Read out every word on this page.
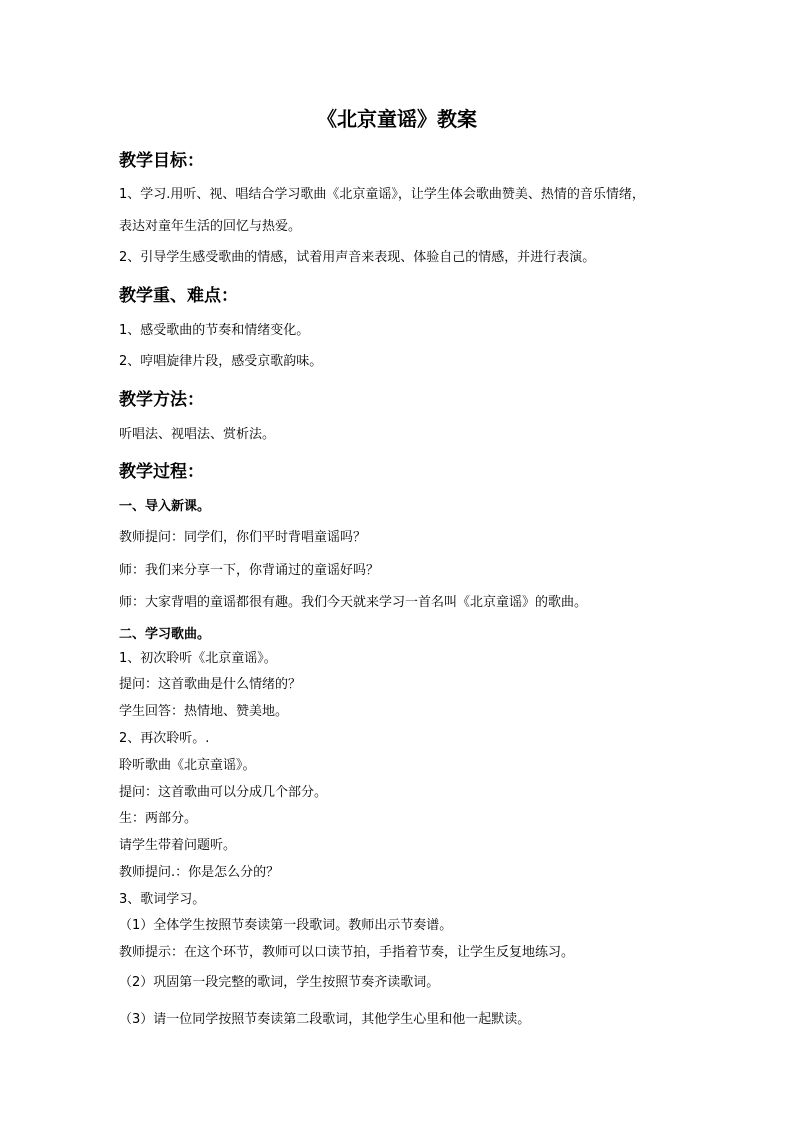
《北京童谣》教案
教学目标：
1、学习.用听、视、唱结合学习歌曲《北京童谣》，让学生体会歌曲赞美、热情的音乐情绪，
表达对童年生活的回忆与热爱。
2、引导学生感受歌曲的情感，试着用声音来表现、体验自己的情感，并进行表演。
教学重、难点：
1、感受歌曲的节奏和情绪变化。
2、哼唱旋律片段，感受京歌韵味。
教学方法：
听唱法、视唱法、赏析法。
教学过程：
一、导入新课。
教师提问：同学们，你们平时背唱童谣吗？
师：我们来分享一下，你背诵过的童谣好吗？
师：大家背唱的童谣都很有趣。我们今天就来学习一首名叫《北京童谣》的歌曲。
二、学习歌曲。
1、初次聆听《北京童谣》。
提问：这首歌曲是什么情绪的？
学生回答：热情地、赞美地。
2、再次聆听。.
聆听歌曲《北京童谣》。
提问：这首歌曲可以分成几个部分。
生：两部分。
请学生带着问题听。
教师提问.：你是怎么分的？
3、歌词学习。
（1）全体学生按照节奏读第一段歌词。教师出示节奏谱。
教师提示：在这个环节，教师可以口读节拍，手指着节奏，让学生反复地练习。
（2）巩固第一段完整的歌词，学生按照节奏齐读歌词。
（3）请一位同学按照节奏读第二段歌词，其他学生心里和他一起默读。
